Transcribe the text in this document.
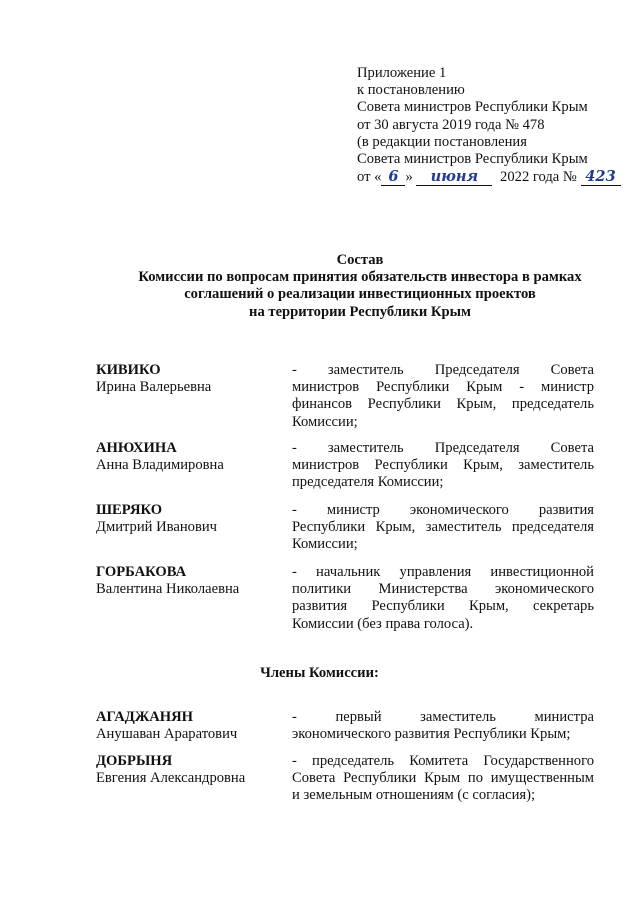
Приложение 1
к постановлению
Совета министров Республики Крым
от 30 августа 2019 года № 478
(в редакции постановления
Совета министров Республики Крым
от « 6 » июня 2022 года № 423
Состав
Комиссии по вопросам принятия обязательств инвестора в рамках
соглашений о реализации инвестиционных проектов
на территории Республики Крым
КИВИКО
Ирина Валерьевна
- заместитель Председателя Совета
министров Республики Крым - министр
финансов Республики Крым, председатель
Комиссии;
АНЮХИНА
Анна Владимировна
- заместитель Председателя Совета
министров Республики Крым, заместитель
председателя Комиссии;
ШЕРЯКО
Дмитрий Иванович
- министр экономического развития
Республики Крым, заместитель председателя
Комиссии;
ГОРБАКОВА
Валентина Николаевна
- начальник управления инвестиционной
политики Министерства экономического
развития Республики Крым, секретарь
Комиссии (без права голоса).
Члены Комиссии:
АГАДЖАНЯН
Анушаван Араратович
- первый заместитель министра
экономического развития Республики Крым;
ДОБРЫНЯ
Евгения Александровна
- председатель Комитета Государственного
Совета Республики Крым по имущественным
и земельным отношениям (с согласия);
